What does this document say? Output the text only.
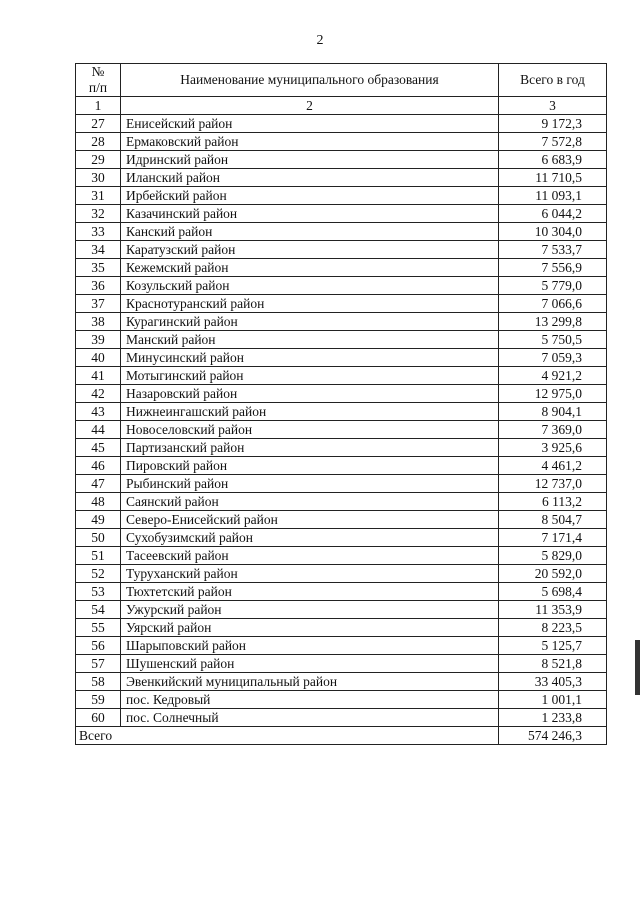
2
№
п/п	Наименование муниципального образования	Всего в год
1	2	3
27	Енисейский район	9 172,3
28	Ермаковский район	7 572,8
29	Идринский район	6 683,9
30	Иланский район	11 710,5
31	Ирбейский район	11 093,1
32	Казачинский район	6 044,2
33	Канский район	10 304,0
34	Каратузский район	7 533,7
35	Кежемский район	7 556,9
36	Козульский район	5 779,0
37	Краснотуранский район	7 066,6
38	Курагинский район	13 299,8
39	Манский район	5 750,5
40	Минусинский район	7 059,3
41	Мотыгинский район	4 921,2
42	Назаровский район	12 975,0
43	Нижнеингашский район	8 904,1
44	Новоселовский район	7 369,0
45	Партизанский район	3 925,6
46	Пировский район	4 461,2
47	Рыбинский район	12 737,0
48	Саянский район	6 113,2
49	Северо-Енисейский район	8 504,7
50	Сухобузимский район	7 171,4
51	Тасеевский район	5 829,0
52	Туруханский район	20 592,0
53	Тюхтетский район	5 698,4
54	Ужурский район	11 353,9
55	Уярский район	8 223,5
56	Шарыповский район	5 125,7
57	Шушенский район	8 521,8
58	Эвенкийский муниципальный район	33 405,3
59	пос. Кедровый	1 001,1
60	пос. Солнечный	1 233,8
Всего		574 246,3
